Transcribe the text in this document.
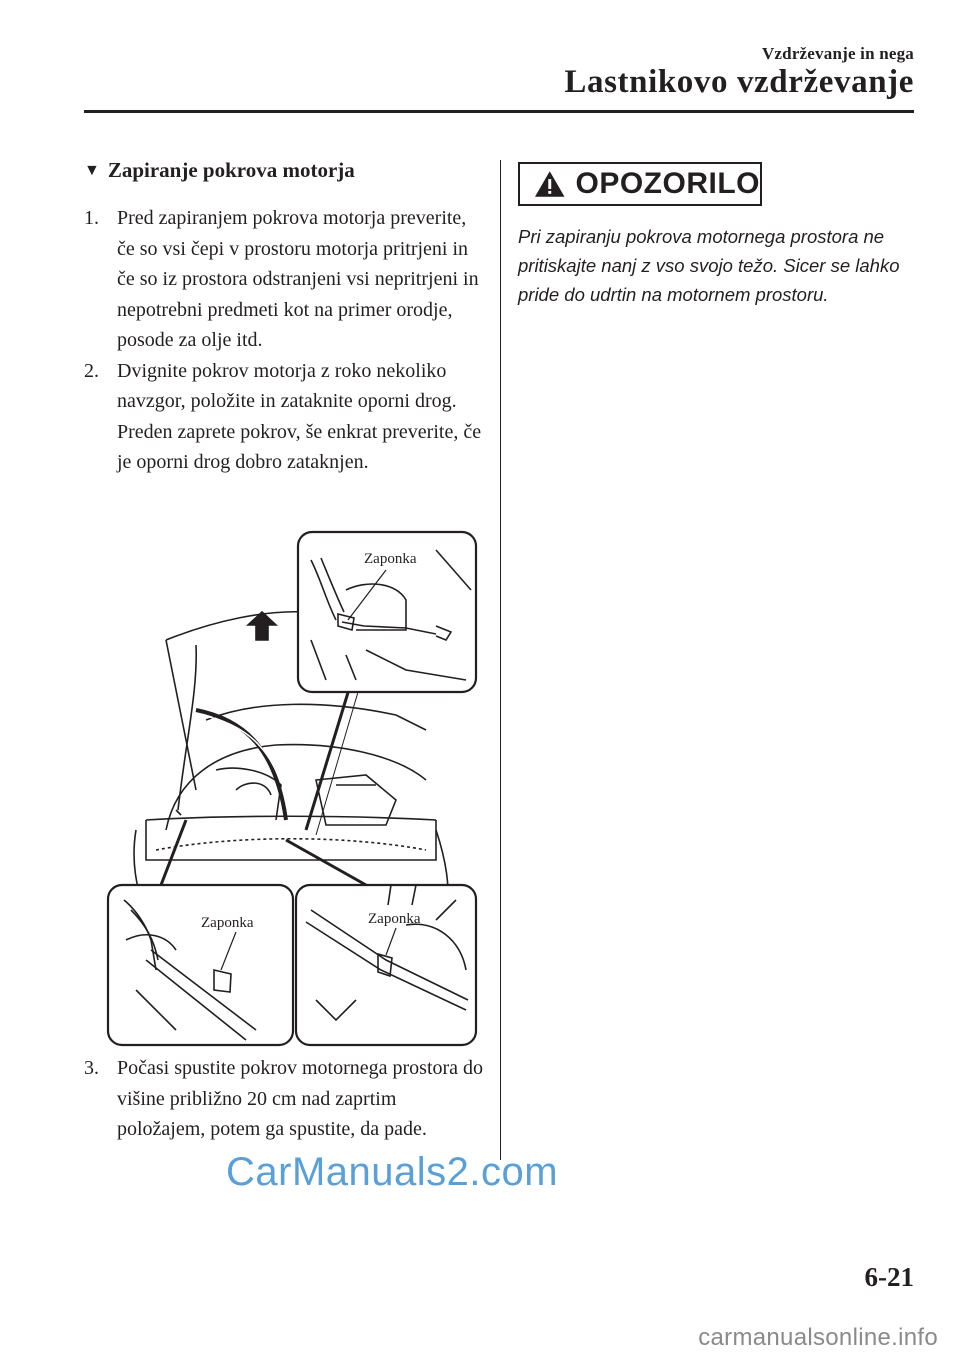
Vzdrževanje in nega
Lastnikovo vzdrževanje
▼ Zapiranje pokrova motorja
1. Pred zapiranjem pokrova motorja preverite, če so vsi čepi v prostoru motorja pritrjeni in če so iz prostora odstranjeni vsi nepritrjeni in nepotrebni predmeti kot na primer orodje, posode za olje itd.
2. Dvignite pokrov motorja z roko nekoliko navzgor, položite in zataknite oporni drog. Preden zaprete pokrov, še enkrat preverite, če je oporni drog dobro zataknjen.
Zaponka
Zaponka	Zaponka
3. Počasi spustite pokrov motornega prostora do višine približno 20 cm nad zaprtim položajem, potem ga spustite, da pade.
OPOZORILO
Pri zapiranju pokrova motornega prostora ne pritiskajte nanj z vso svojo težo. Sicer se lahko pride do udrtin na motornem prostoru.
CarManuals2.com
6-21
carmanualsonline.info
